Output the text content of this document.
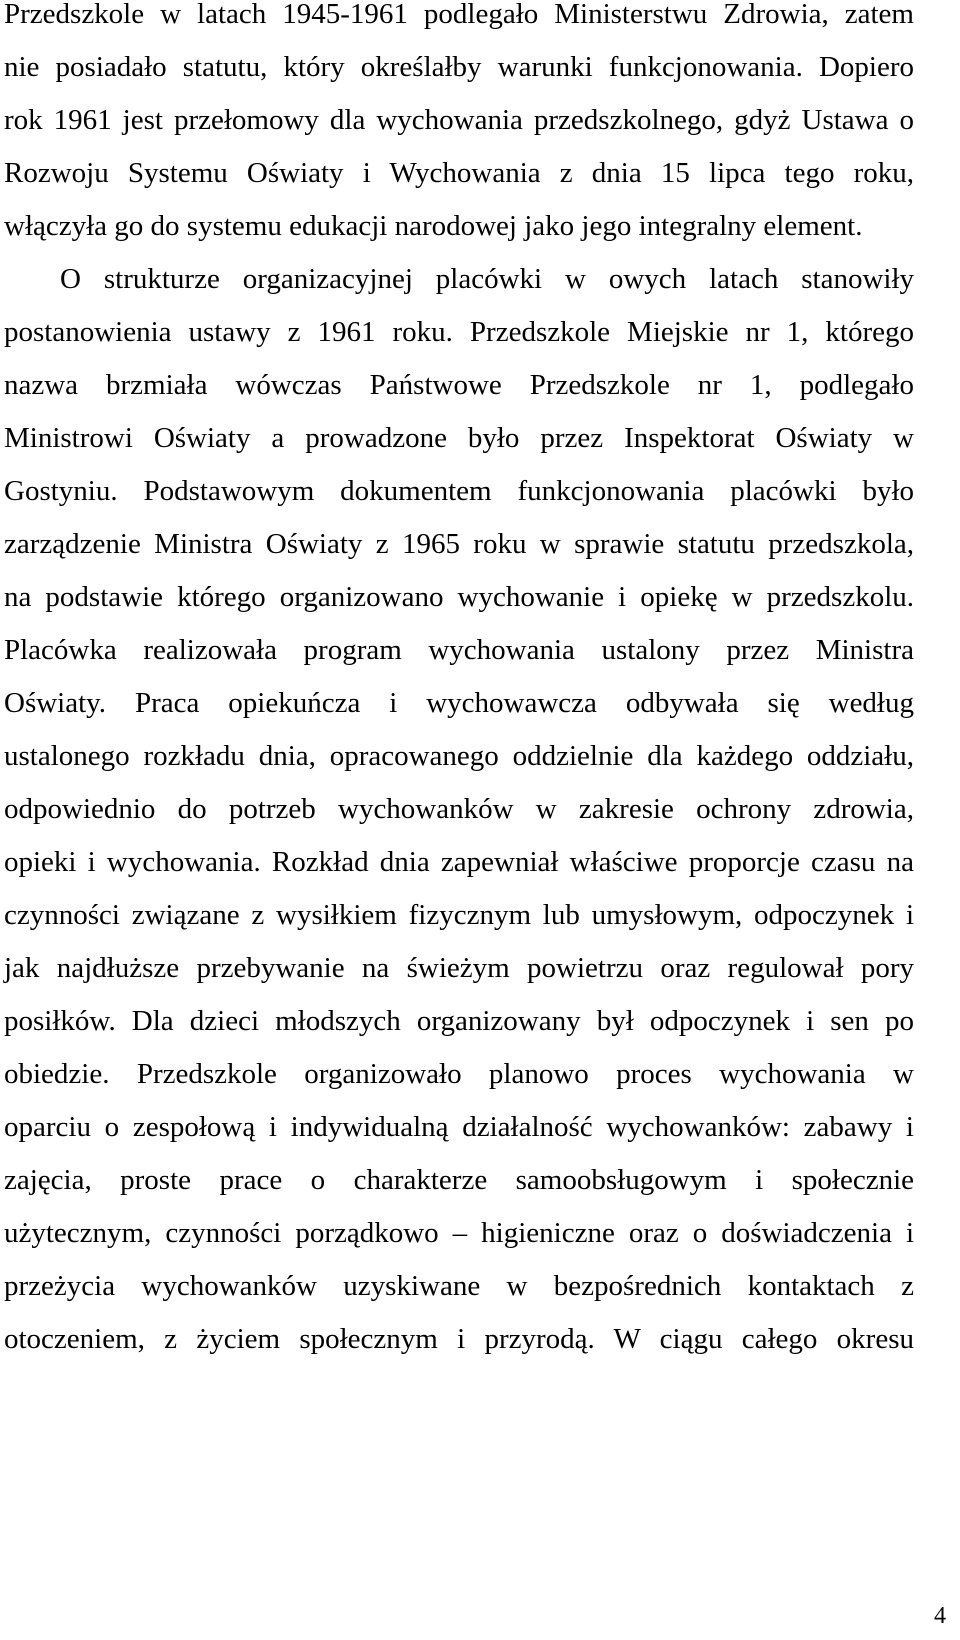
Przedszkole w latach 1945-1961 podlegało Ministerstwu Zdrowia, zatem

nie posiadało statutu, który określałby warunki funkcjonowania. Dopiero

rok 1961 jest przełomowy dla wychowania przedszkolnego, gdyż Ustawa o

Rozwoju Systemu Oświaty i Wychowania z dnia 15 lipca tego roku,

włączyła go do systemu edukacji narodowej jako jego integralny element.

O strukturze organizacyjnej placówki w owych latach stanowiły

postanowienia ustawy z 1961 roku. Przedszkole Miejskie nr 1, którego

nazwa brzmiała wówczas Państwowe Przedszkole nr 1, podlegało

Ministrowi Oświaty a prowadzone było przez Inspektorat Oświaty w

Gostyniu. Podstawowym dokumentem funkcjonowania placówki było

zarządzenie Ministra Oświaty z 1965 roku w sprawie statutu przedszkola,

na podstawie którego organizowano wychowanie i opiekę w przedszkolu.

Placówka realizowała program wychowania ustalony przez Ministra

Oświaty. Praca opiekuńcza i wychowawcza odbywała się według

ustalonego rozkładu dnia, opracowanego oddzielnie dla każdego oddziału,

odpowiednio do potrzeb wychowanków w zakresie ochrony zdrowia,

opieki i wychowania. Rozkład dnia zapewniał właściwe proporcje czasu na

czynności związane z wysiłkiem fizycznym lub umysłowym, odpoczynek i

jak najdłuższe przebywanie na świeżym powietrzu oraz regulował pory

posiłków. Dla dzieci młodszych organizowany był odpoczynek i sen po

obiedzie. Przedszkole organizowało planowo proces wychowania w

oparciu o zespołową i indywidualną działalność wychowanków: zabawy i

zajęcia, proste prace o charakterze samoobsługowym i społecznie

użytecznym, czynności porządkowo – higieniczne oraz o doświadczenia i

przeżycia wychowanków uzyskiwane w bezpośrednich kontaktach z

otoczeniem, z życiem społecznym i przyrodą. W ciągu całego okresu

4
